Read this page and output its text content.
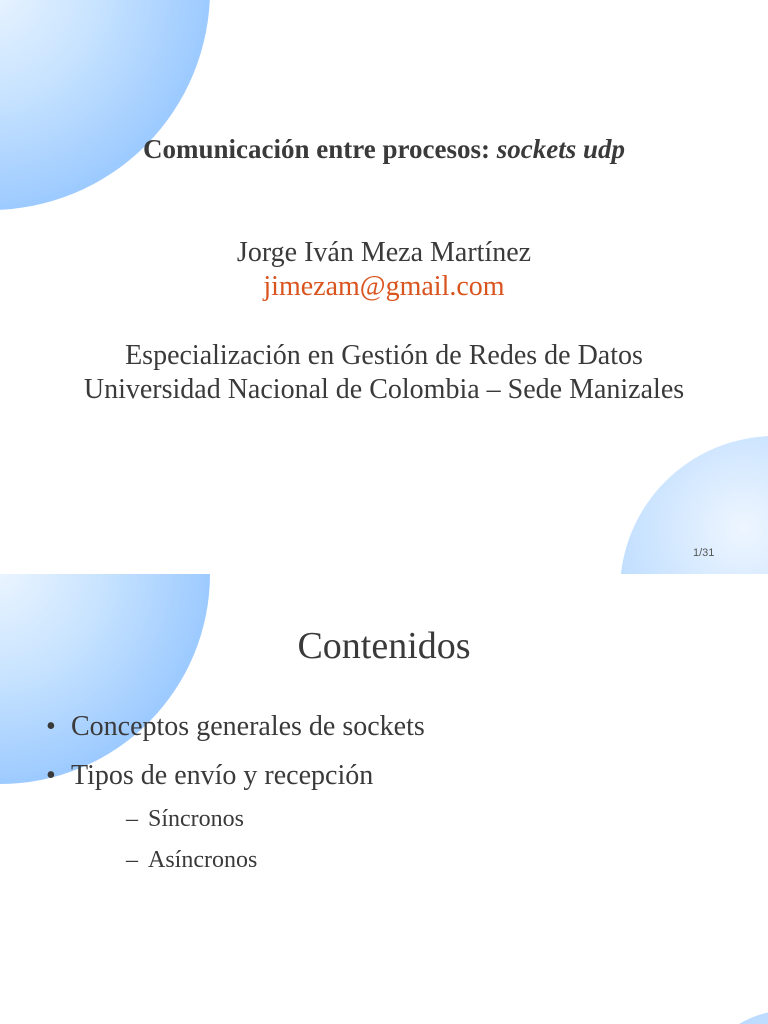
Comunicación entre procesos: sockets udp
Jorge Iván Meza Martínez
jimezam@gmail.com
Especialización en Gestión de Redes de Datos
Universidad Nacional de Colombia – Sede Manizales
1/31
Contenidos
• Conceptos generales de sockets
• Tipos de envío y recepción
– Síncronos
– Asíncronos
